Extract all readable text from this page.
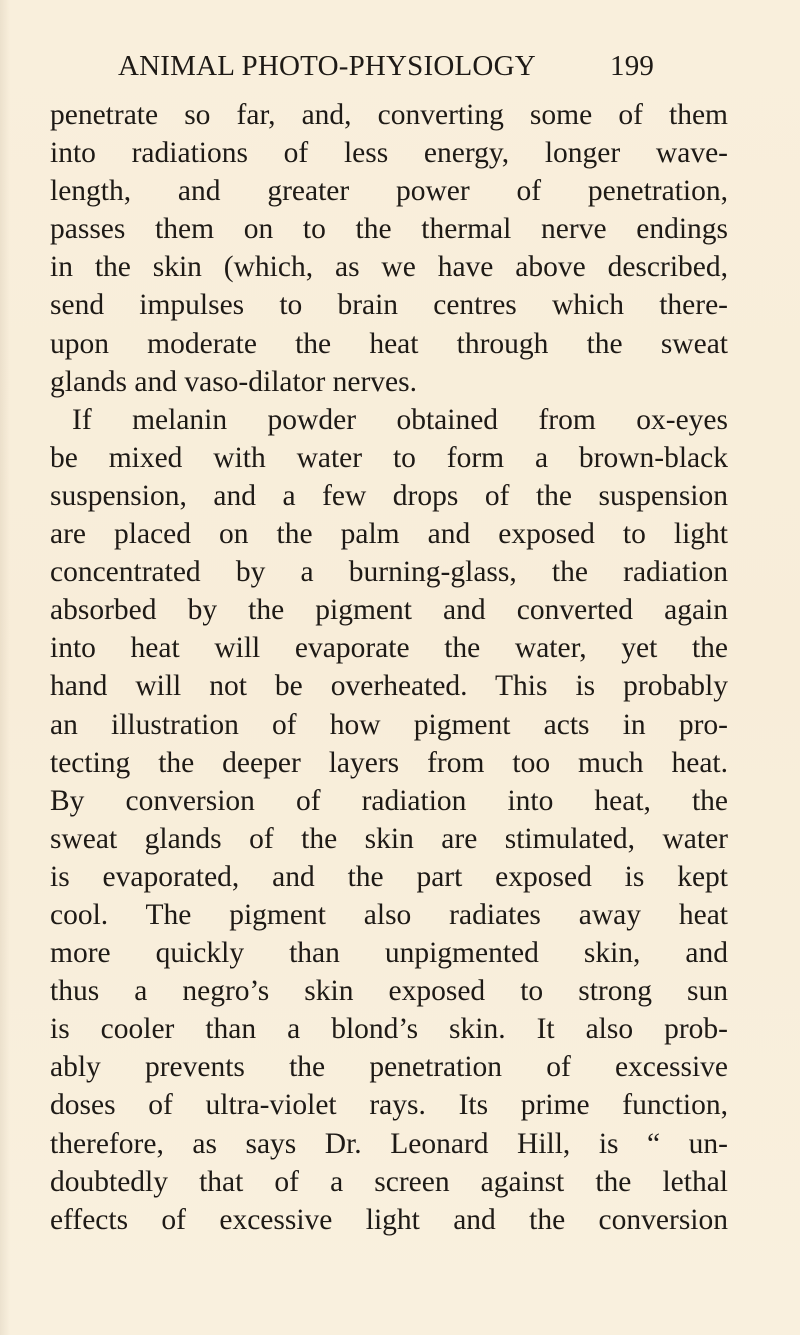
ANIMAL PHOTO-PHYSIOLOGY	199
penetrate so far, and, converting some of them
into radiations of less energy, longer wave-
length, and greater power of penetration,
passes them on to the thermal nerve endings
in the skin (which, as we have above described,
send impulses to brain centres which there-
upon moderate the heat through the sweat
glands and vaso-dilator nerves.
If melanin powder obtained from ox-eyes
be mixed with water to form a brown-black
suspension, and a few drops of the suspension
are placed on the palm and exposed to light
concentrated by a burning-glass, the radiation
absorbed by the pigment and converted again
into heat will evaporate the water, yet the
hand will not be overheated. This is probably
an illustration of how pigment acts in pro-
tecting the deeper layers from too much heat.
By conversion of radiation into heat, the
sweat glands of the skin are stimulated, water
is evaporated, and the part exposed is kept
cool. The pigment also radiates away heat
more quickly than unpigmented skin, and
thus a negro’s skin exposed to strong sun
is cooler than a blond’s skin. It also prob-
ably prevents the penetration of excessive
doses of ultra-violet rays. Its prime function,
therefore, as says Dr. Leonard Hill, is “ un-
doubtedly that of a screen against the lethal
effects of excessive light and the conversion
